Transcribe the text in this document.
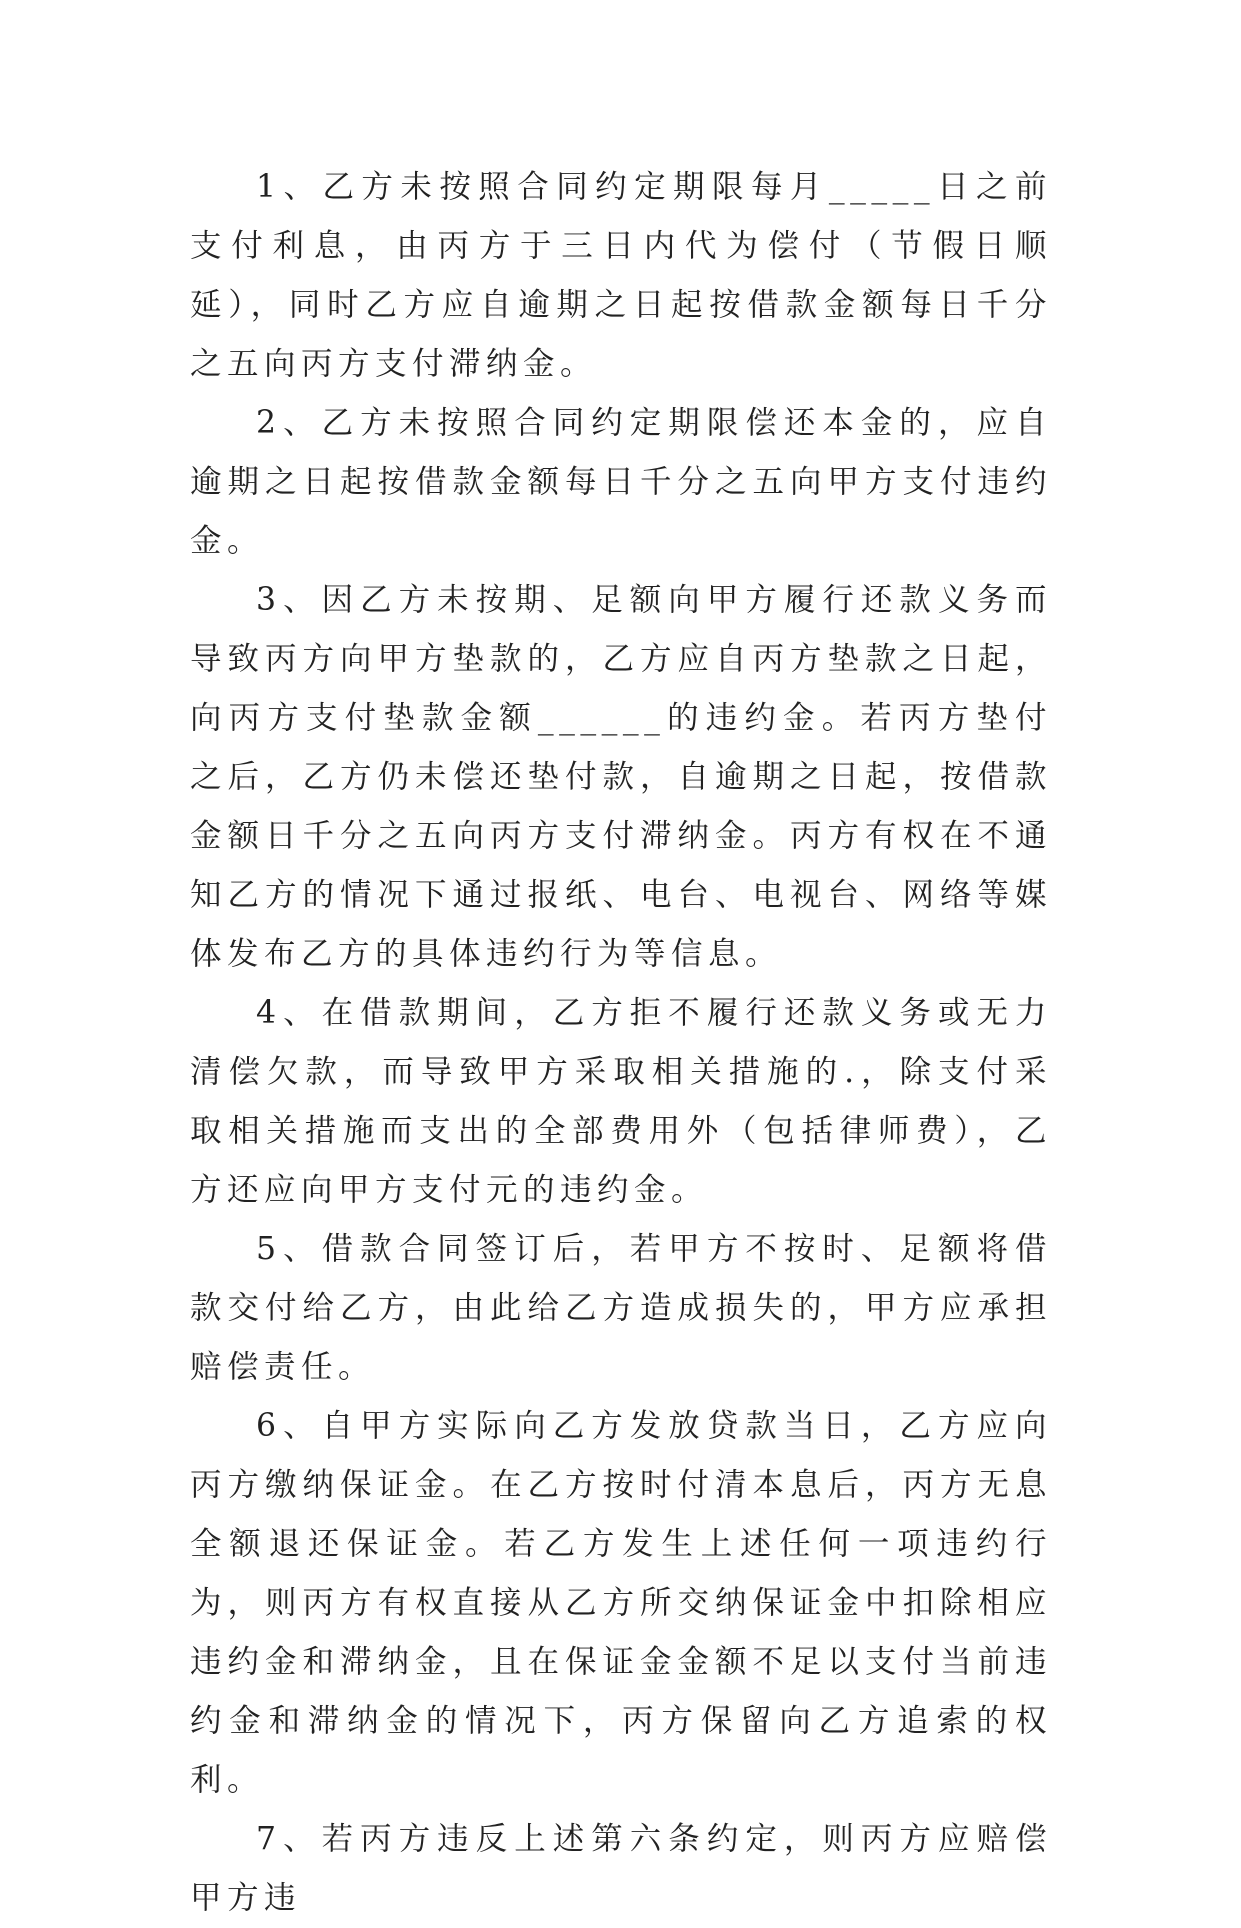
1、乙方未按照合同约定期限每月_____日之前支付利息，由丙方于三日内代为偿付（节假日顺延），同时乙方应自逾期之日起按借款金额每日千分之五向丙方支付滞纳金。

2、乙方未按照合同约定期限偿还本金的，应自逾期之日起按借款金额每日千分之五向甲方支付违约金。

3、因乙方未按期、足额向甲方履行还款义务而导致丙方向甲方垫款的，乙方应自丙方垫款之日起，向丙方支付垫款金额______的违约金。若丙方垫付之后，乙方仍未偿还垫付款，自逾期之日起，按借款金额日千分之五向丙方支付滞纳金。丙方有权在不通知乙方的情况下通过报纸、电台、电视台、网络等媒体发布乙方的具体违约行为等信息。

4、在借款期间，乙方拒不履行还款义务或无力清偿欠款，而导致甲方采取相关措施的.，除支付采取相关措施而支出的全部费用外（包括律师费），乙方还应向甲方支付元的违约金。

5、借款合同签订后，若甲方不按时、足额将借款交付给乙方，由此给乙方造成损失的，甲方应承担赔偿责任。

6、自甲方实际向乙方发放贷款当日，乙方应向丙方缴纳保证金。在乙方按时付清本息后，丙方无息全额退还保证金。若乙方发生上述任何一项违约行为，则丙方有权直接从乙方所交纳保证金中扣除相应违约金和滞纳金，且在保证金金额不足以支付当前违约金和滞纳金的情况下，丙方保留向乙方追索的权利。

7、若丙方违反上述第六条约定，则丙方应赔偿甲方违
